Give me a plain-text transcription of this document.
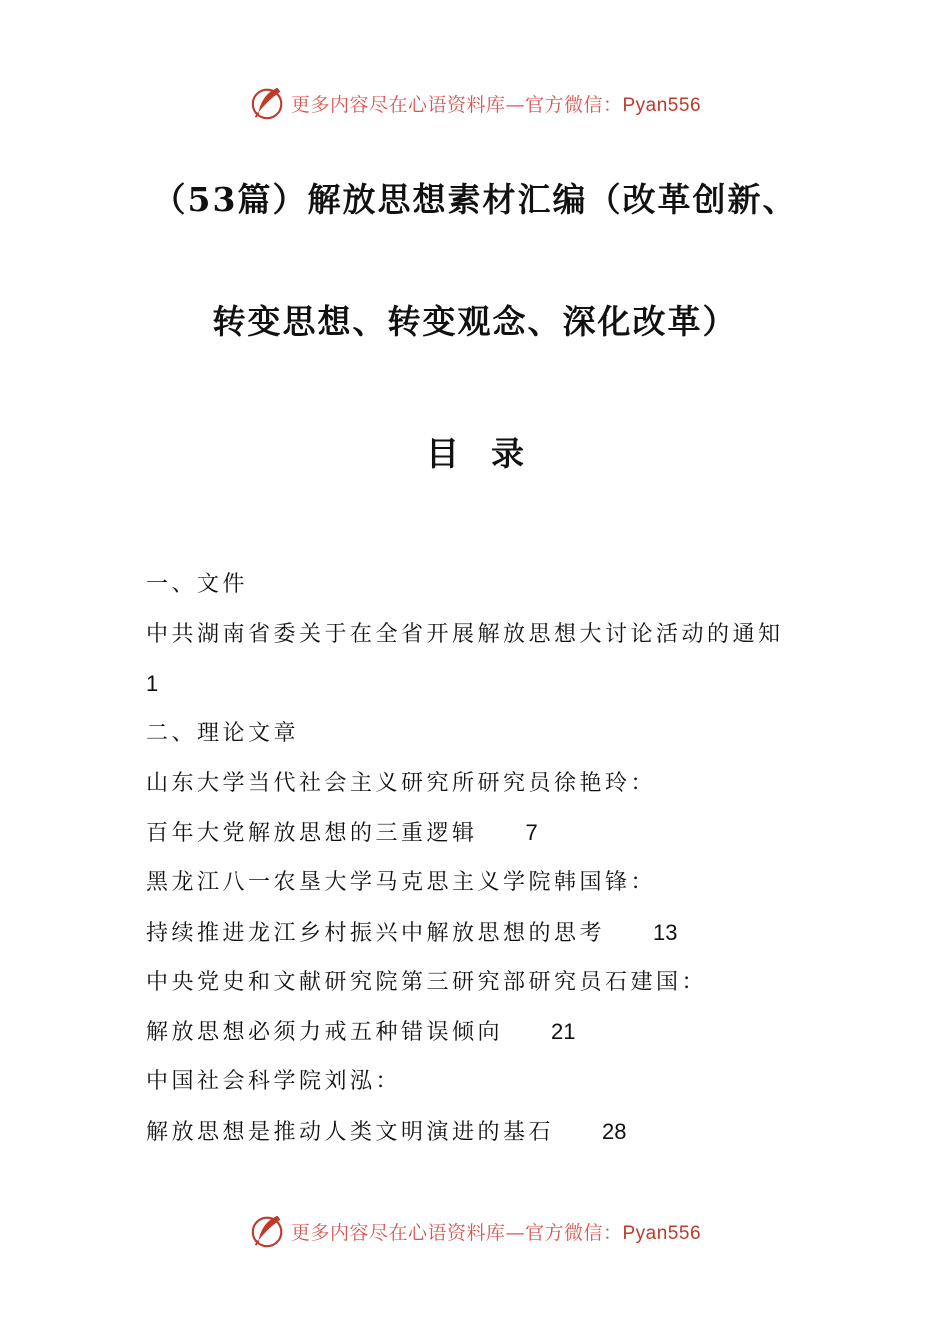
更多内容尽在心语资料库—官方微信：Pyan556
（53篇）解放思想素材汇编（改革创新、
转变思想、转变观念、深化改革）
目录
一、文件
中共湖南省委关于在全省开展解放思想大讨论活动的通知
1
二、理论文章
山东大学当代社会主义研究所研究员徐艳玲：
百年大党解放思想的三重逻辑 7
黑龙江八一农垦大学马克思主义学院韩国锋：
持续推进龙江乡村振兴中解放思想的思考 13
中央党史和文献研究院第三研究部研究员石建国：
解放思想必须力戒五种错误倾向 21
中国社会科学院刘泓：
解放思想是推动人类文明演进的基石 28
更多内容尽在心语资料库—官方微信：Pyan556
